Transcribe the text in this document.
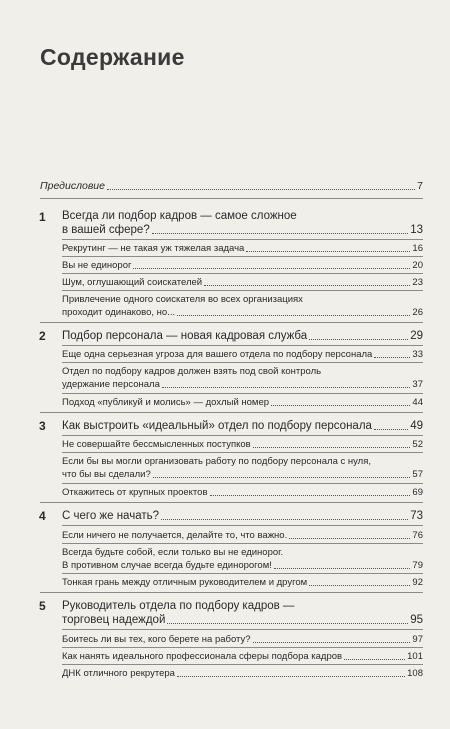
Содержание
Предисловие	7
1 Всегда ли подбор кадров — самое сложное
в вашей сфере?	13
Рекрутинг — не такая уж тяжелая задача	16
Вы не единорог	20
Шум, оглушающий соискателей	23
Привлечение одного соискателя во всех организациях
проходит одинаково, но...	26
2 Подбор персонала — новая кадровая служба	29
Еще одна серьезная угроза для вашего отдела по подбору персонала	33
Отдел по подбору кадров должен взять под свой контроль
удержание персонала	37
Подход «публикуй и молись» — дохлый номер	44
3 Как выстроить «идеальный» отдел по подбору персонала	49
Не совершайте бессмысленных поступков	52
Если бы вы могли организовать работу по подбору персонала с нуля,
что бы вы сделали?	57
Откажитесь от крупных проектов	69
4 С чего же начать?	73
Если ничего не получается, делайте то, что важно.	76
Всегда будьте собой, если только вы не единорог.
В противном случае всегда будьте единорогом!	79
Тонкая грань между отличным руководителем и другом	92
5 Руководитель отдела по подбору кадров —
торговец надеждой	95
Боитесь ли вы тех, кого берете на работу?	97
Как нанять идеального профессионала сферы подбора кадров	101
ДНК отличного рекрутера	108
